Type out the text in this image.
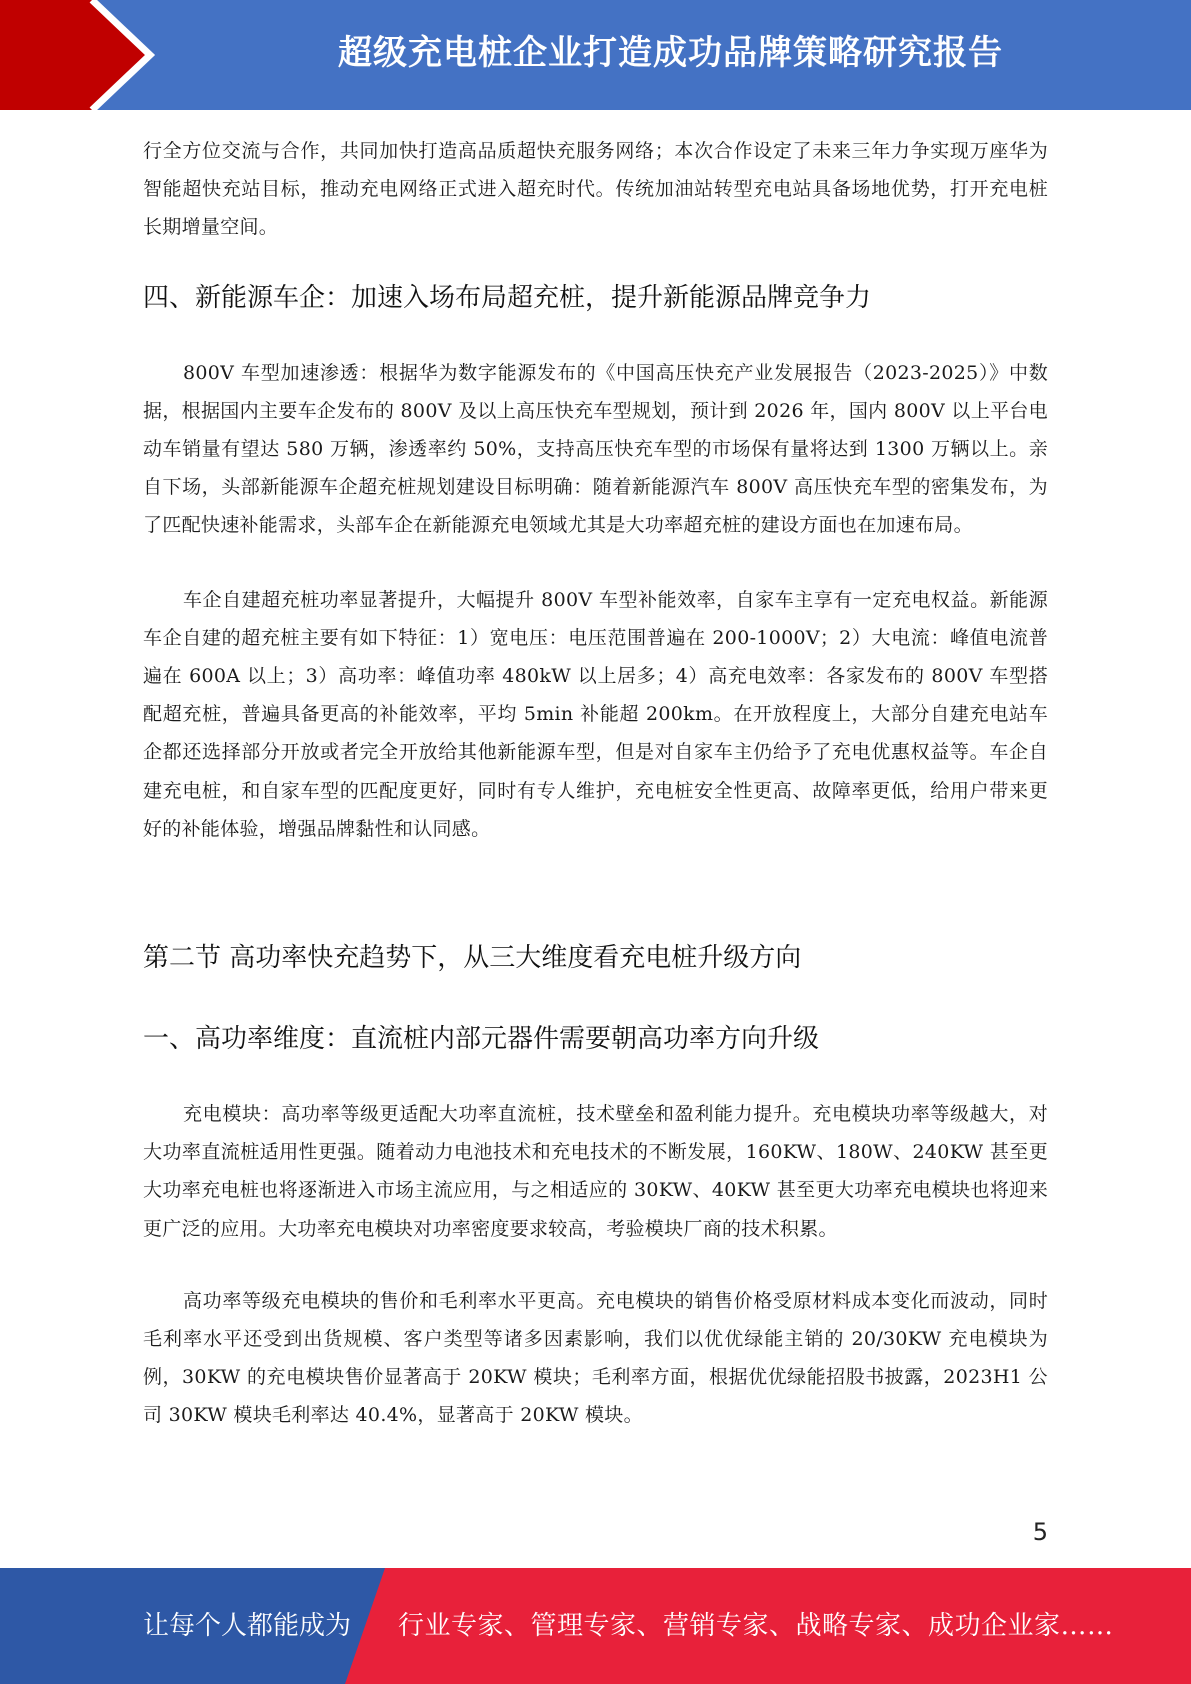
超级充电桩企业打造成功品牌策略研究报告

行全方位交流与合作，共同加快打造高品质超快充服务网络；本次合作设定了未来三年力争实现万座华为智能超快充站目标，推动充电网络正式进入超充时代。传统加油站转型充电站具备场地优势，打开充电桩长期增量空间。

四、新能源车企：加速入场布局超充桩，提升新能源品牌竞争力

800V 车型加速渗透：根据华为数字能源发布的《中国高压快充产业发展报告（2023-2025）》中数据，根据国内主要车企发布的 800V 及以上高压快充车型规划，预计到 2026 年，国内 800V 以上平台电动车销量有望达 580 万辆，渗透率约 50%，支持高压快充车型的市场保有量将达到 1300 万辆以上。亲自下场，头部新能源车企超充桩规划建设目标明确：随着新能源汽车 800V 高压快充车型的密集发布，为了匹配快速补能需求，头部车企在新能源充电领域尤其是大功率超充桩的建设方面也在加速布局。

车企自建超充桩功率显著提升，大幅提升 800V 车型补能效率，自家车主享有一定充电权益。新能源车企自建的超充桩主要有如下特征：1）宽电压：电压范围普遍在 200-1000V；2）大电流：峰值电流普遍在 600A 以上；3）高功率：峰值功率 480kW 以上居多；4）高充电效率：各家发布的 800V 车型搭配超充桩，普遍具备更高的补能效率，平均 5min 补能超 200km。在开放程度上，大部分自建充电站车企都还选择部分开放或者完全开放给其他新能源车型，但是对自家车主仍给予了充电优惠权益等。车企自建充电桩，和自家车型的匹配度更好，同时有专人维护，充电桩安全性更高、故障率更低，给用户带来更好的补能体验，增强品牌黏性和认同感。

第二节 高功率快充趋势下，从三大维度看充电桩升级方向
一、高功率维度：直流桩内部元器件需要朝高功率方向升级

充电模块：高功率等级更适配大功率直流桩，技术壁垒和盈利能力提升。充电模块功率等级越大，对大功率直流桩适用性更强。随着动力电池技术和充电技术的不断发展，160KW、180W、240KW 甚至更大功率充电桩也将逐渐进入市场主流应用，与之相适应的 30KW、40KW 甚至更大功率充电模块也将迎来更广泛的应用。大功率充电模块对功率密度要求较高，考验模块厂商的技术积累。

高功率等级充电模块的售价和毛利率水平更高。充电模块的销售价格受原材料成本变化而波动，同时毛利率水平还受到出货规模、客户类型等诸多因素影响，我们以优优绿能主销的 20/30KW 充电模块为例，30KW 的充电模块售价显著高于 20KW 模块；毛利率方面，根据优优绿能招股书披露，2023H1 公司 30KW 模块毛利率达 40.4%，显著高于 20KW 模块。

5
让每个人都能成为 行业专家、管理专家、营销专家、战略专家、成功企业家……
